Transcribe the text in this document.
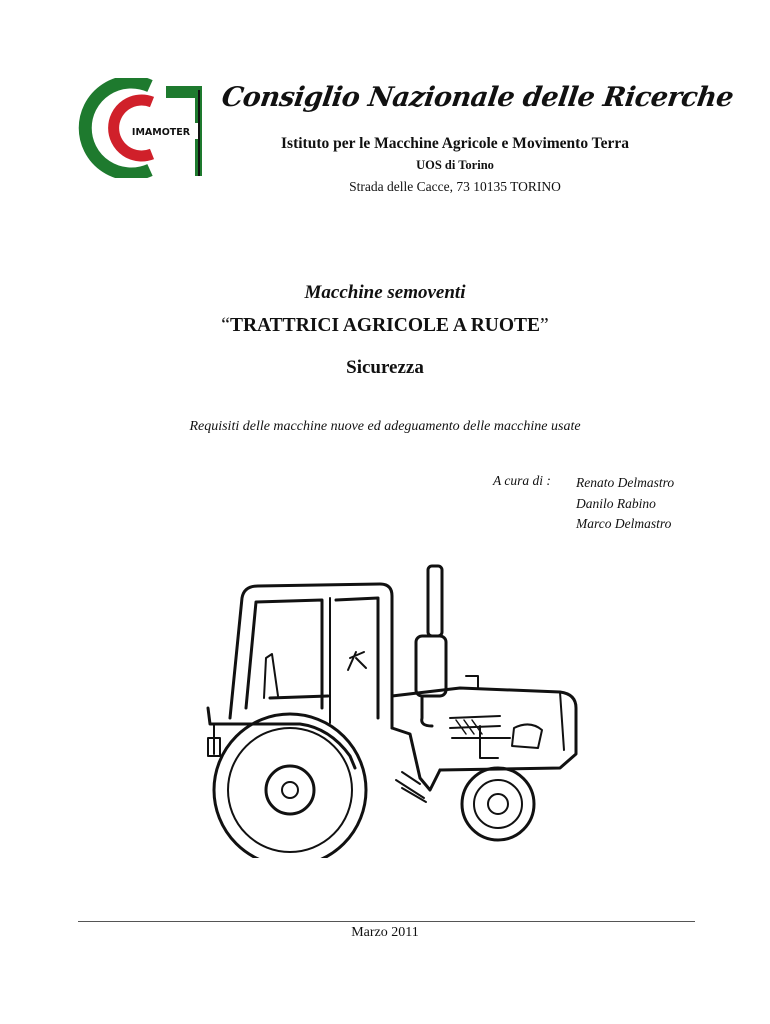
IMAMOTER
Consiglio Nazionale delle Ricerche
Istituto per le Macchine Agricole e Movimento Terra
UOS di Torino
Strada delle Cacce, 73 10135 TORINO
Macchine semoventi
“TRATTRICI AGRICOLE A RUOTE”
Sicurezza
Requisiti delle macchine nuove ed adeguamento delle macchine usate
A cura di : Renato Delmastro
Danilo Rabino
Marco Delmastro
Marzo 2011
